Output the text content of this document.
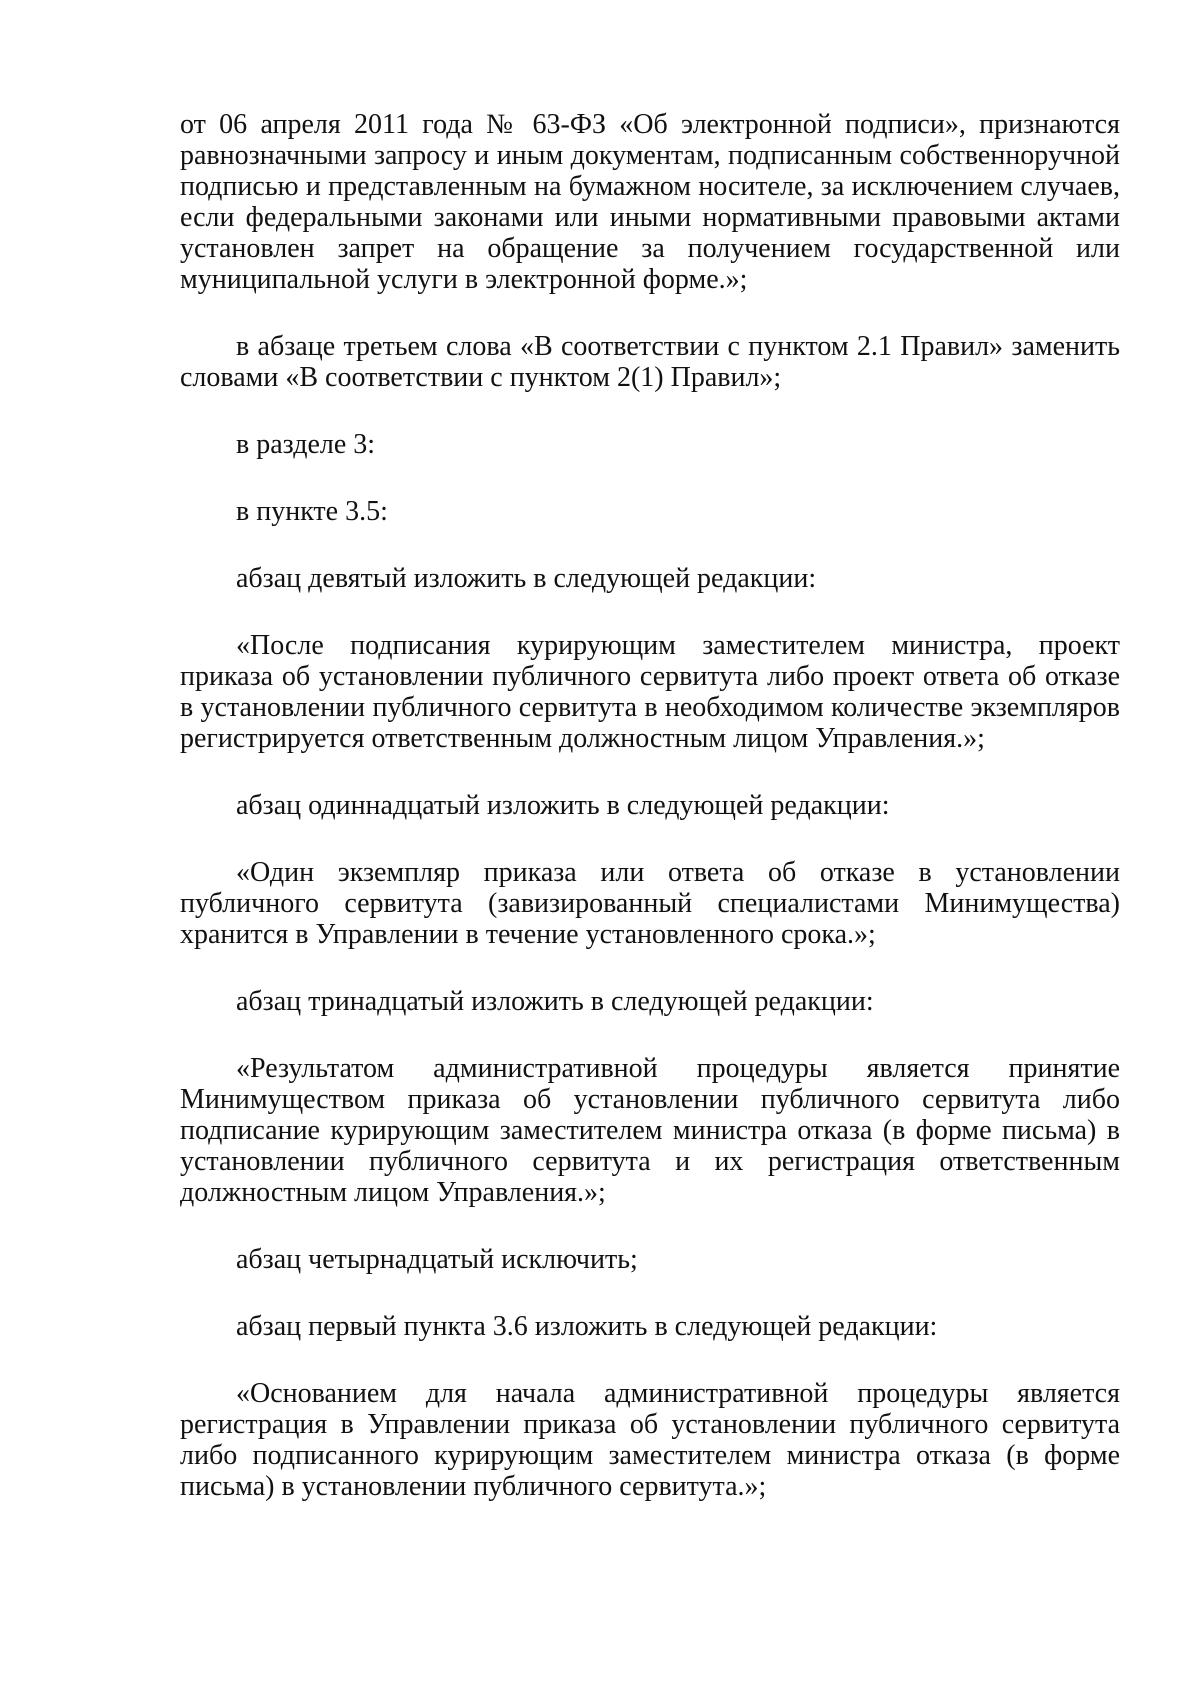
от 06 апреля 2011 года № 63-ФЗ «Об электронной подписи», признаются равнозначными запросу и иным документам, подписанным собственноручной подписью и представленным на бумажном носителе, за исключением случаев, если федеральными законами или иными нормативными правовыми актами установлен запрет на обращение за получением государственной или муниципальной услуги в электронной форме.»;

в абзаце третьем слова «В соответствии с пунктом 2.1 Правил» заменить словами «В соответствии с пунктом 2(1) Правил»;

в разделе 3:

в пункте 3.5:

абзац девятый изложить в следующей редакции:

«После подписания курирующим заместителем министра, проект приказа об установлении публичного сервитута либо проект ответа об отказе в установлении публичного сервитута в необходимом количестве экземпляров регистрируется ответственным должностным лицом Управления.»;

абзац одиннадцатый изложить в следующей редакции:

«Один экземпляр приказа или ответа об отказе в установлении публичного сервитута (завизированный специалистами Минимущества) хранится в Управлении в течение установленного срока.»;

абзац тринадцатый изложить в следующей редакции:

«Результатом административной процедуры является принятие Минимуществом приказа об установлении публичного сервитута либо подписание курирующим заместителем министра отказа (в форме письма) в установлении публичного сервитута и их регистрация ответственным должностным лицом Управления.»;

абзац четырнадцатый исключить;

абзац первый пункта 3.6 изложить в следующей редакции:

«Основанием для начала административной процедуры является регистрация в Управлении приказа об установлении публичного сервитута либо подписанного курирующим заместителем министра отказа (в форме письма) в установлении публичного сервитута.»;
